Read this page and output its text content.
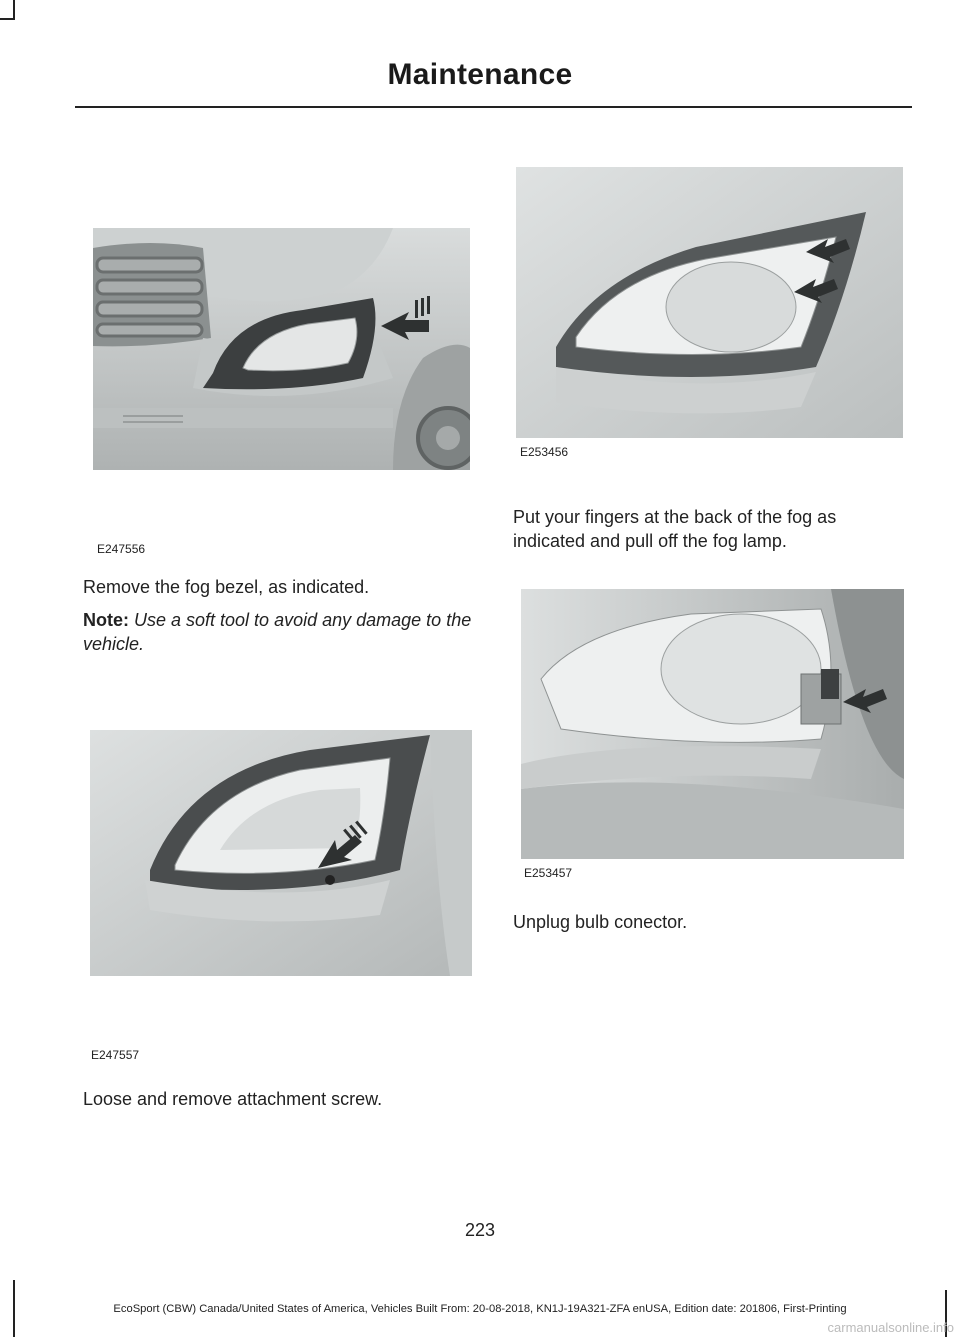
Maintenance
E247556
Remove the fog bezel, as indicated.
Note: Use a soft tool to avoid any damage to the vehicle.
E247557
Loose and remove attachment screw.
E253456
Put your fingers at the back of the fog as indicated and pull off the fog lamp.
E253457
Unplug bulb conector.
223
EcoSport (CBW) Canada/United States of America, Vehicles Built From: 20-08-2018, KN1J-19A321-ZFA enUSA, Edition date: 201806, First-Printing
carmanualsonline.info
